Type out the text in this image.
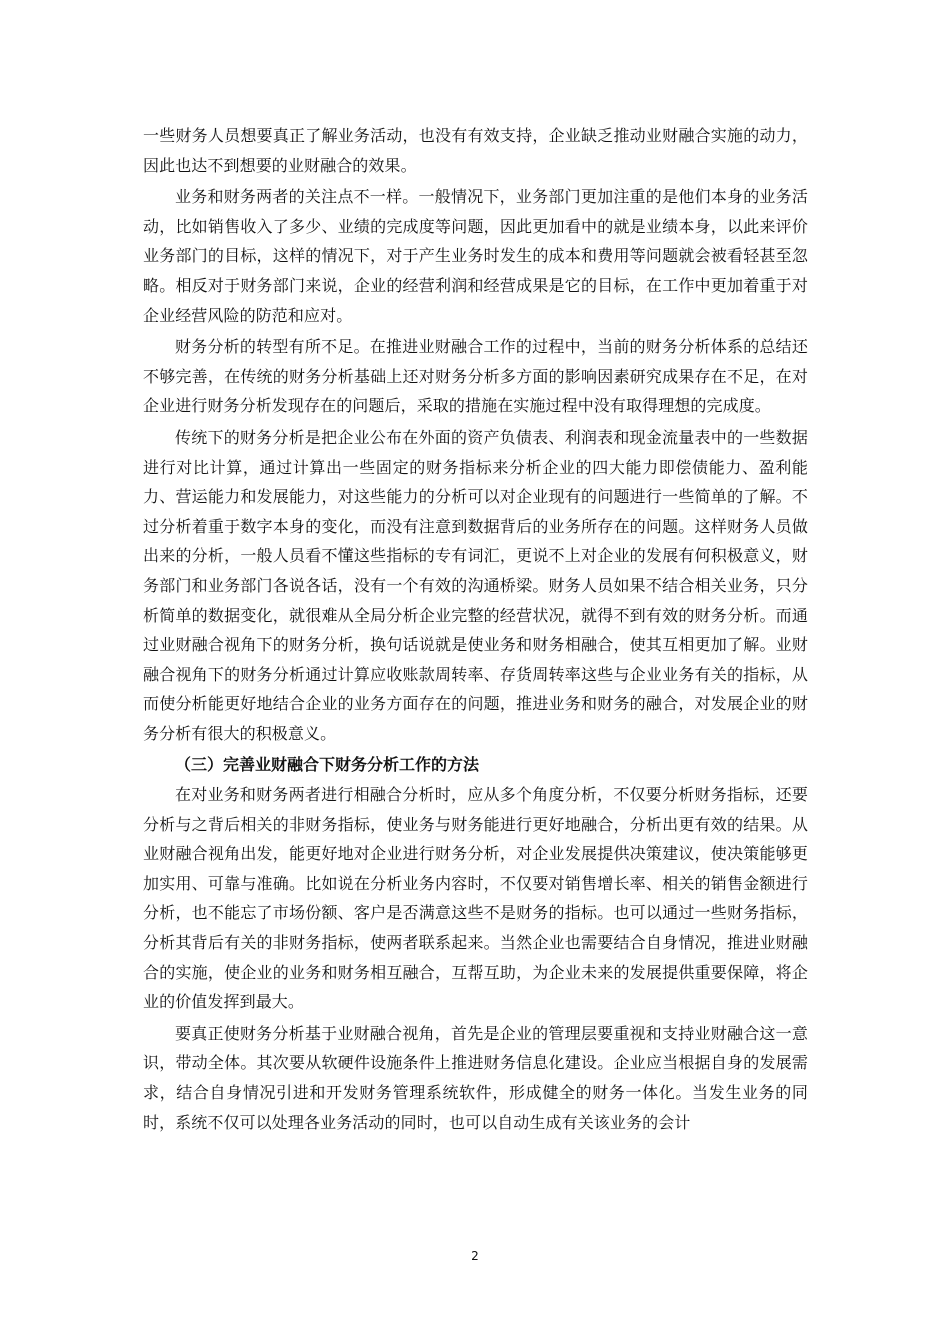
一些财务人员想要真正了解业务活动，也没有有效支持，企业缺乏推动业财融合实施的动力，因此也达不到想要的业财融合的效果。

业务和财务两者的关注点不一样。一般情况下，业务部门更加注重的是他们本身的业务活动，比如销售收入了多少、业绩的完成度等问题，因此更加看中的就是业绩本身，以此来评价业务部门的目标，这样的情况下，对于产生业务时发生的成本和费用等问题就会被看轻甚至忽略。相反对于财务部门来说，企业的经营利润和经营成果是它的目标，在工作中更加着重于对企业经营风险的防范和应对。

财务分析的转型有所不足。在推进业财融合工作的过程中，当前的财务分析体系的总结还不够完善，在传统的财务分析基础上还对财务分析多方面的影响因素研究成果存在不足，在对企业进行财务分析发现存在的问题后，采取的措施在实施过程中没有取得理想的完成度。

传统下的财务分析是把企业公布在外面的资产负债表、利润表和现金流量表中的一些数据进行对比计算，通过计算出一些固定的财务指标来分析企业的四大能力即偿债能力、盈利能力、营运能力和发展能力，对这些能力的分析可以对企业现有的问题进行一些简单的了解。不过分析着重于数字本身的变化，而没有注意到数据背后的业务所存在的问题。这样财务人员做出来的分析，一般人员看不懂这些指标的专有词汇，更说不上对企业的发展有何积极意义，财务部门和业务部门各说各话，没有一个有效的沟通桥梁。财务人员如果不结合相关业务，只分析简单的数据变化，就很难从全局分析企业完整的经营状况，就得不到有效的财务分析。而通过业财融合视角下的财务分析，换句话说就是使业务和财务相融合，使其互相更加了解。业财融合视角下的财务分析通过计算应收账款周转率、存货周转率这些与企业业务有关的指标，从而使分析能更好地结合企业的业务方面存在的问题，推进业务和财务的融合，对发展企业的财务分析有很大的积极意义。

（三）完善业财融合下财务分析工作的方法

在对业务和财务两者进行相融合分析时，应从多个角度分析，不仅要分析财务指标，还要分析与之背后相关的非财务指标，使业务与财务能进行更好地融合，分析出更有效的结果。从业财融合视角出发，能更好地对企业进行财务分析，对企业发展提供决策建议，使决策能够更加实用、可靠与准确。比如说在分析业务内容时，不仅要对销售增长率、相关的销售金额进行分析，也不能忘了市场份额、客户是否满意这些不是财务的指标。也可以通过一些财务指标，分析其背后有关的非财务指标，使两者联系起来。当然企业也需要结合自身情况，推进业财融合的实施，使企业的业务和财务相互融合，互帮互助，为企业未来的发展提供重要保障，将企业的价值发挥到最大。

要真正使财务分析基于业财融合视角，首先是企业的管理层要重视和支持业财融合这一意识，带动全体。其次要从软硬件设施条件上推进财务信息化建设。企业应当根据自身的发展需求，结合自身情况引进和开发财务管理系统软件，形成健全的财务一体化。当发生业务的同时，系统不仅可以处理各业务活动的同时，也可以自动生成有关该业务的会计

2
